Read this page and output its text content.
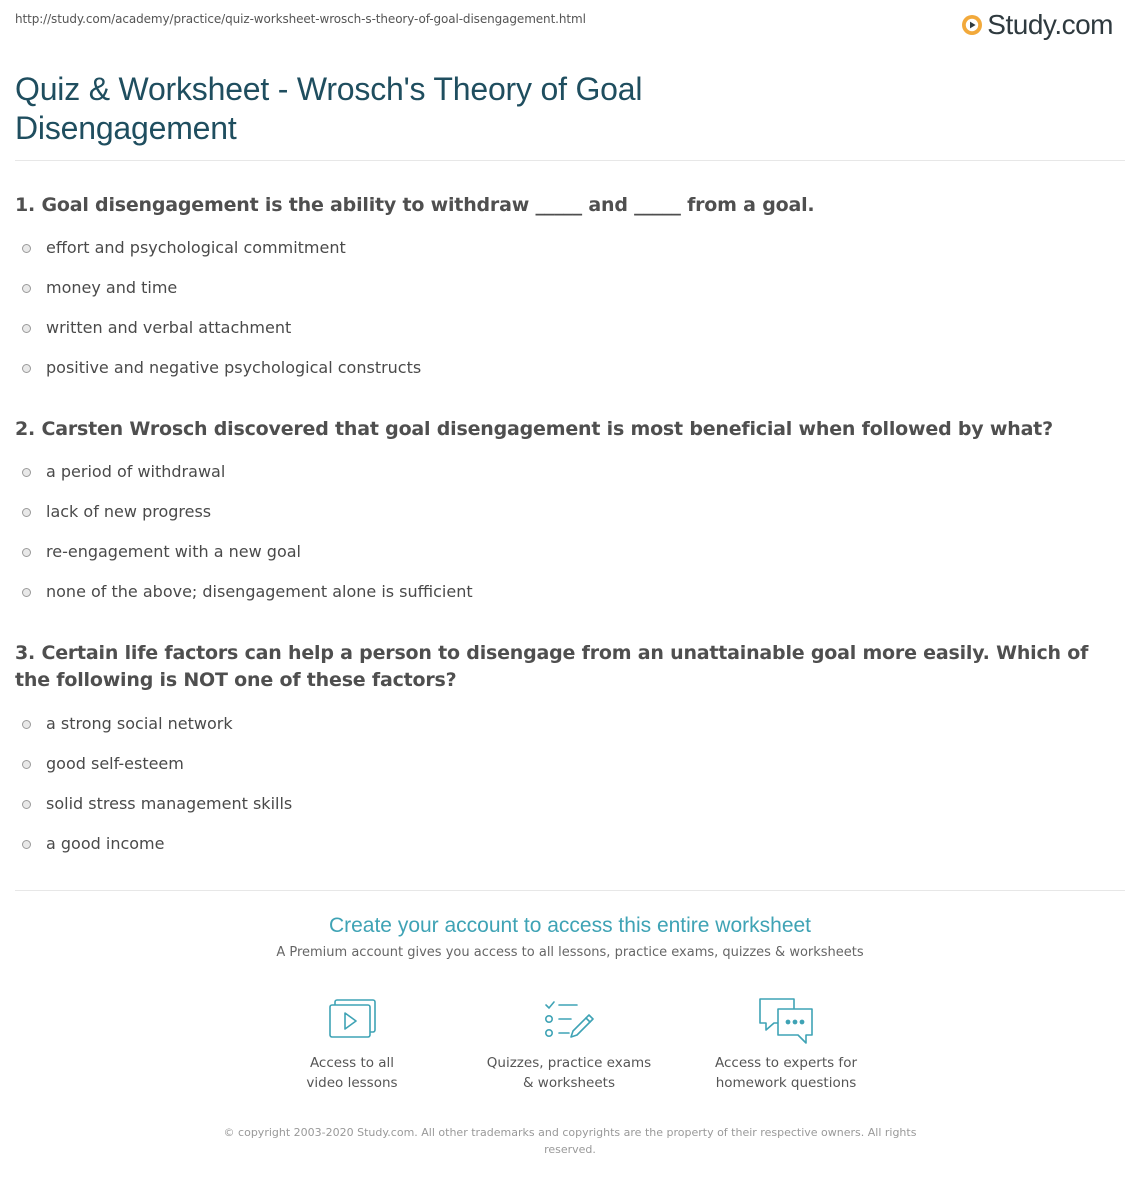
http://study.com/academy/practice/quiz-worksheet-wrosch-s-theory-of-goal-disengagement.html	Study.com
Quiz & Worksheet - Wrosch's Theory of Goal Disengagement
1. Goal disengagement is the ability to withdraw _____ and _____ from a goal.
effort and psychological commitment
money and time
written and verbal attachment
positive and negative psychological constructs
2. Carsten Wrosch discovered that goal disengagement is most beneficial when followed by what?
a period of withdrawal
lack of new progress
re-engagement with a new goal
none of the above; disengagement alone is sufficient
3. Certain life factors can help a person to disengage from an unattainable goal more easily. Which of the following is NOT one of these factors?
a strong social network
good self-esteem
solid stress management skills
a good income
Create your account to access this entire worksheet
A Premium account gives you access to all lessons, practice exams, quizzes & worksheets
Access to all
video lessons
Quizzes, practice exams
& worksheets
Access to experts for
homework questions
© copyright 2003-2020 Study.com. All other trademarks and copyrights are the property of their respective owners. All rights reserved.
